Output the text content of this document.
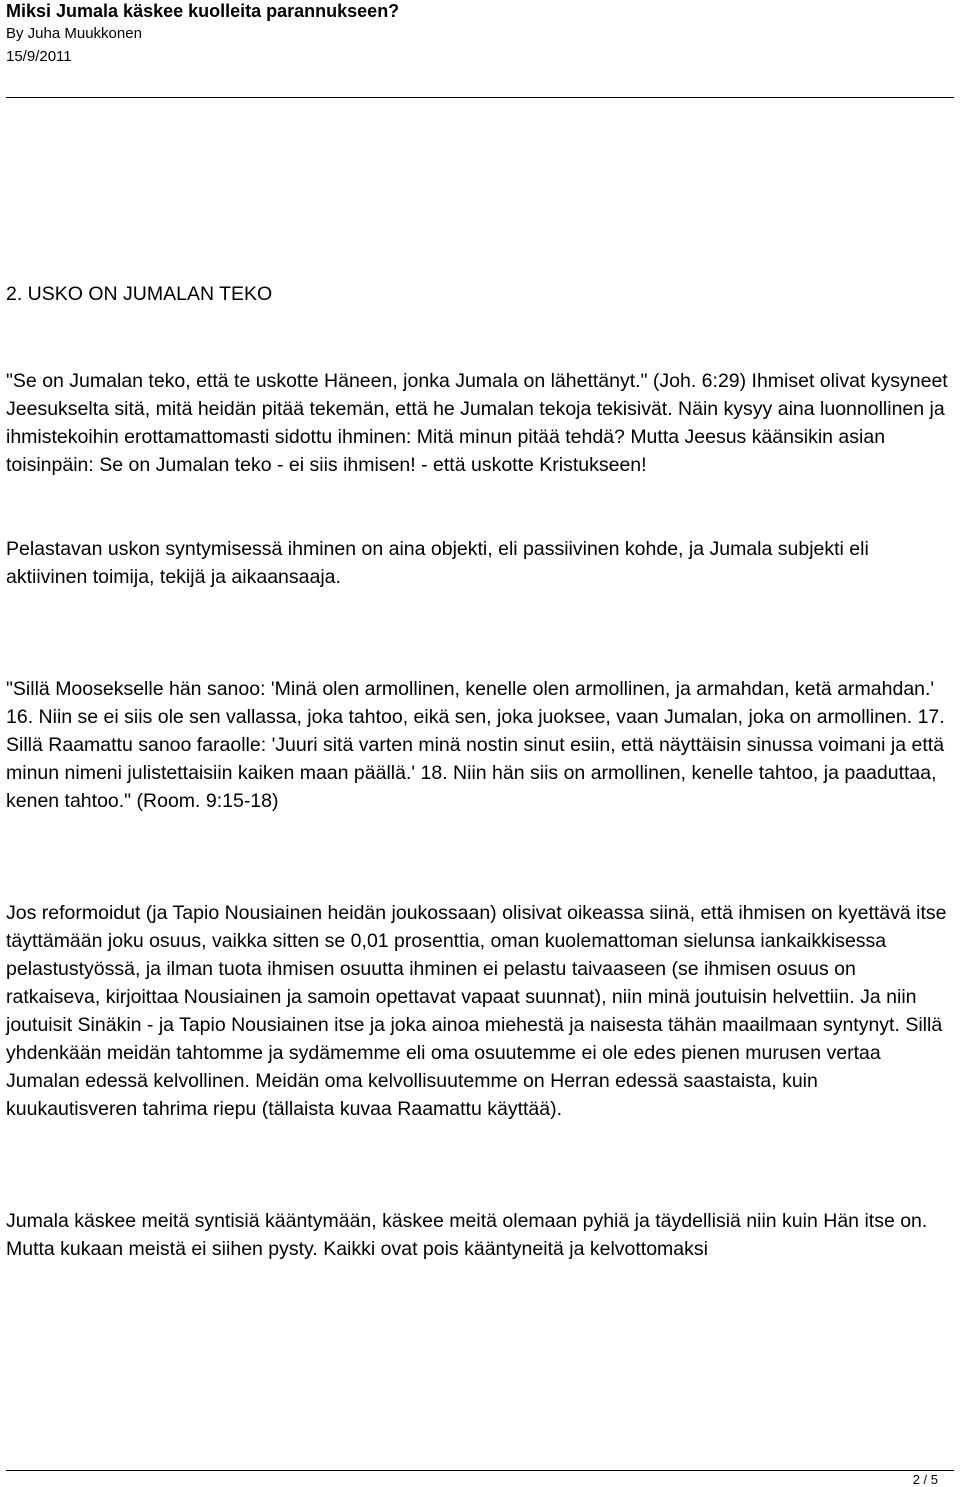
Miksi Jumala käskee kuolleita parannukseen?
By Juha Muukkonen
15/9/2011

2. USKO ON JUMALAN TEKO

"Se on Jumalan teko, että te uskotte Häneen, jonka Jumala on lähettänyt." (Joh. 6:29) Ihmiset olivat kysyneet Jeesukselta sitä, mitä heidän pitää tekemän, että he Jumalan tekoja tekisivät. Näin kysyy aina luonnollinen ja ihmistekoihin erottamattomasti sidottu ihminen: Mitä minun pitää tehdä? Mutta Jeesus käänsikin asian toisinpäin: Se on Jumalan teko - ei siis ihmisen! - että uskotte Kristukseen!

Pelastavan uskon syntymisessä ihminen on aina objekti, eli passiivinen kohde, ja Jumala subjekti eli aktiivinen toimija, tekijä ja aikaansaaja.

"Sillä Moosekselle hän sanoo: 'Minä olen armollinen, kenelle olen armollinen, ja armahdan, ketä armahdan.' 16. Niin se ei siis ole sen vallassa, joka tahtoo, eikä sen, joka juoksee, vaan Jumalan, joka on armollinen. 17. Sillä Raamattu sanoo faraolle: 'Juuri sitä varten minä nostin sinut esiin, että näyttäisin sinussa voimani ja että minun nimeni julistettaisiin kaiken maan päällä.' 18. Niin hän siis on armollinen, kenelle tahtoo, ja paaduttaa, kenen tahtoo." (Room. 9:15-18)

Jos reformoidut (ja Tapio Nousiainen heidän joukossaan) olisivat oikeassa siinä, että ihmisen on kyettävä itse täyttämään joku osuus, vaikka sitten se 0,01 prosenttia, oman kuolemattoman sielunsa iankaikkisessa pelastustyössä, ja ilman tuota ihmisen osuutta ihminen ei pelastu taivaaseen (se ihmisen osuus on ratkaiseva, kirjoittaa Nousiainen ja samoin opettavat vapaat suunnat), niin minä joutuisin helvettiin. Ja niin joutuisit Sinäkin - ja Tapio Nousiainen itse ja joka ainoa miehestä ja naisesta tähän maailmaan syntynyt. Sillä yhdenkään meidän tahtomme ja sydämemme eli oma osuutemme ei ole edes pienen murusen vertaa Jumalan edessä kelvollinen. Meidän oma kelvollisuutemme on Herran edessä saastaista, kuin kuukautisveren tahrima riepu (tällaista kuvaa Raamattu käyttää).

Jumala käskee meitä syntisiä kääntymään, käskee meitä olemaan pyhiä ja täydellisiä niin kuin Hän itse on. Mutta kukaan meistä ei siihen pysty. Kaikki ovat pois kääntyneitä ja kelvottomaksi

2 / 5
